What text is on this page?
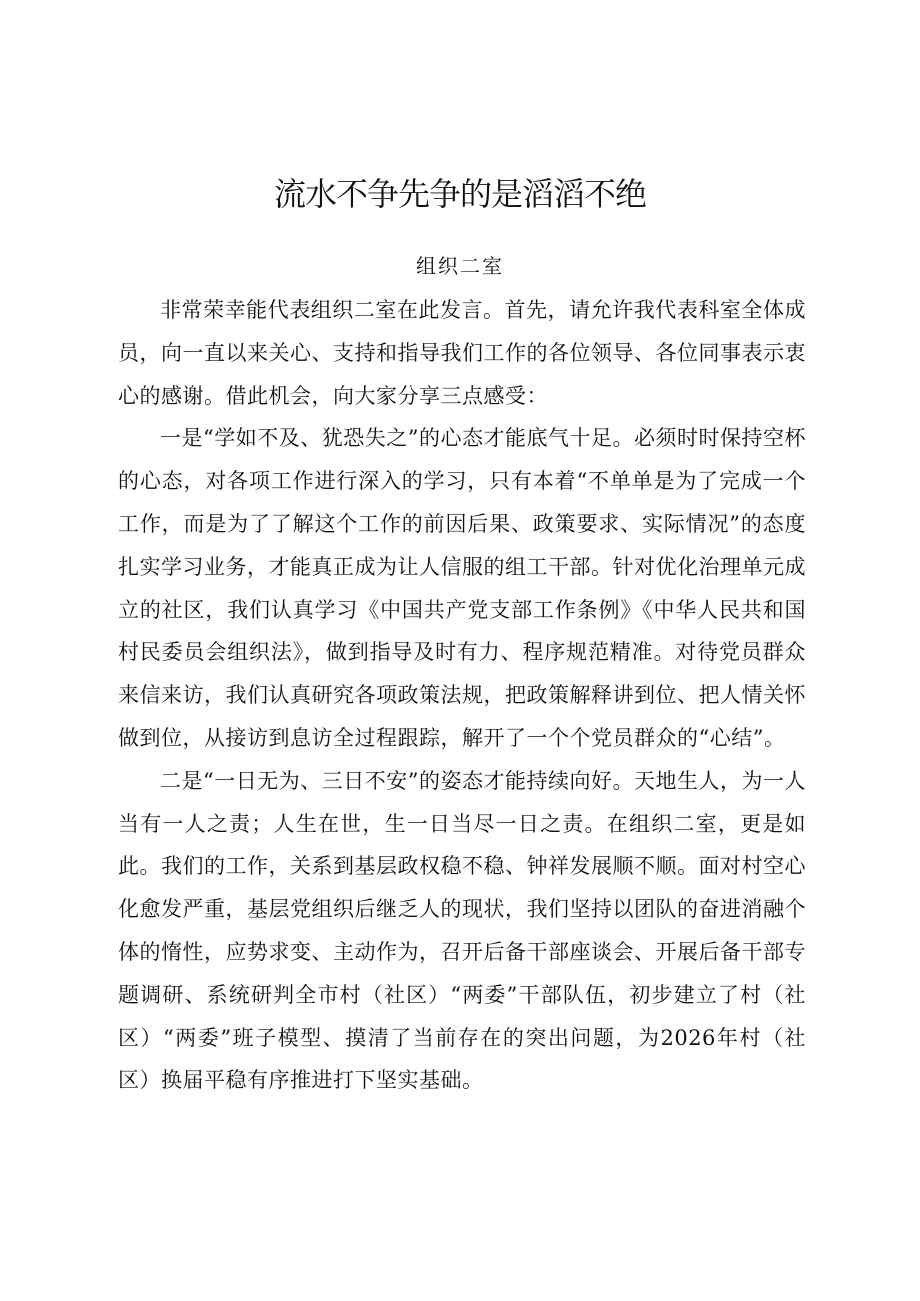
流水不争先争的是滔滔不绝
组织二室

非常荣幸能代表组织二室在此发言。首先，请允许我代表科室全体成员，向一直以来关心、支持和指导我们工作的各位领导、各位同事表示衷心的感谢。借此机会，向大家分享三点感受：

一是“学如不及、犹恐失之”的心态才能底气十足。必须时时保持空杯的心态，对各项工作进行深入的学习，只有本着“不单单是为了完成一个工作，而是为了了解这个工作的前因后果、政策要求、实际情况”的态度扎实学习业务，才能真正成为让人信服的组工干部。针对优化治理单元成立的社区，我们认真学习《中国共产党支部工作条例》《中华人民共和国村民委员会组织法》，做到指导及时有力、程序规范精准。对待党员群众来信来访，我们认真研究各项政策法规，把政策解释讲到位、把人情关怀做到位，从接访到息访全过程跟踪，解开了一个个党员群众的“心结”。

二是“一日无为、三日不安”的姿态才能持续向好。天地生人，为一人当有一人之责；人生在世，生一日当尽一日之责。在组织二室，更是如此。我们的工作，关系到基层政权稳不稳、钟祥发展顺不顺。面对村空心化愈发严重，基层党组织后继乏人的现状，我们坚持以团队的奋进消融个体的惰性，应势求变、主动作为，召开后备干部座谈会、开展后备干部专题调研、系统研判全市村（社区）“两委”干部队伍，初步建立了村（社区）“两委”班子模型、摸清了当前存在的突出问题，为2026年村（社区）换届平稳有序推进打下坚实基础。
